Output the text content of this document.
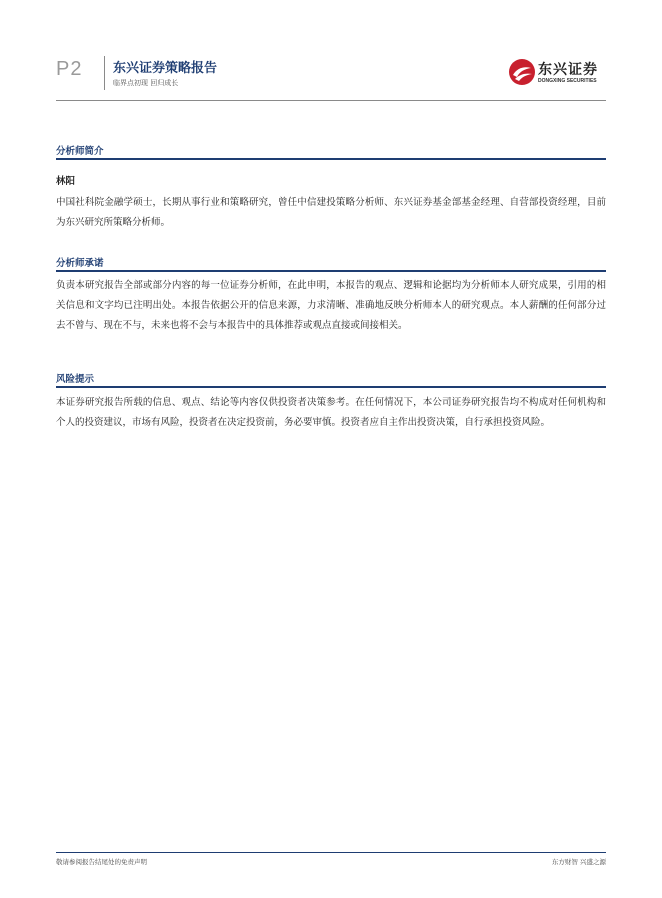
P2 东兴证券策略报告
临界点初现 回归成长
东兴证券
DONGXING SECURITIES
分析师简介
林阳

中国社科院金融学硕士，长期从事行业和策略研究，曾任中信建投策略分析师、东兴证券基金部基金经理、自营部投资经理，目前为东兴研究所策略分析师。

分析师承诺

负责本研究报告全部或部分内容的每一位证券分析师，在此申明，本报告的观点、逻辑和论据均为分析师本人研究成果，引用的相关信息和文字均已注明出处。本报告依据公开的信息来源，力求清晰、准确地反映分析师本人的研究观点。本人薪酬的任何部分过去不曾与、现在不与，未来也将不会与本报告中的具体推荐或观点直接或间接相关。

风险提示

本证券研究报告所载的信息、观点、结论等内容仅供投资者决策参考。在任何情况下，本公司证券研究报告均不构成对任何机构和个人的投资建议，市场有风险，投资者在决定投资前，务必要审慎。投资者应自主作出投资决策，自行承担投资风险。

敬请参阅报告结尾处的免责声明	东方财智 兴盛之源
